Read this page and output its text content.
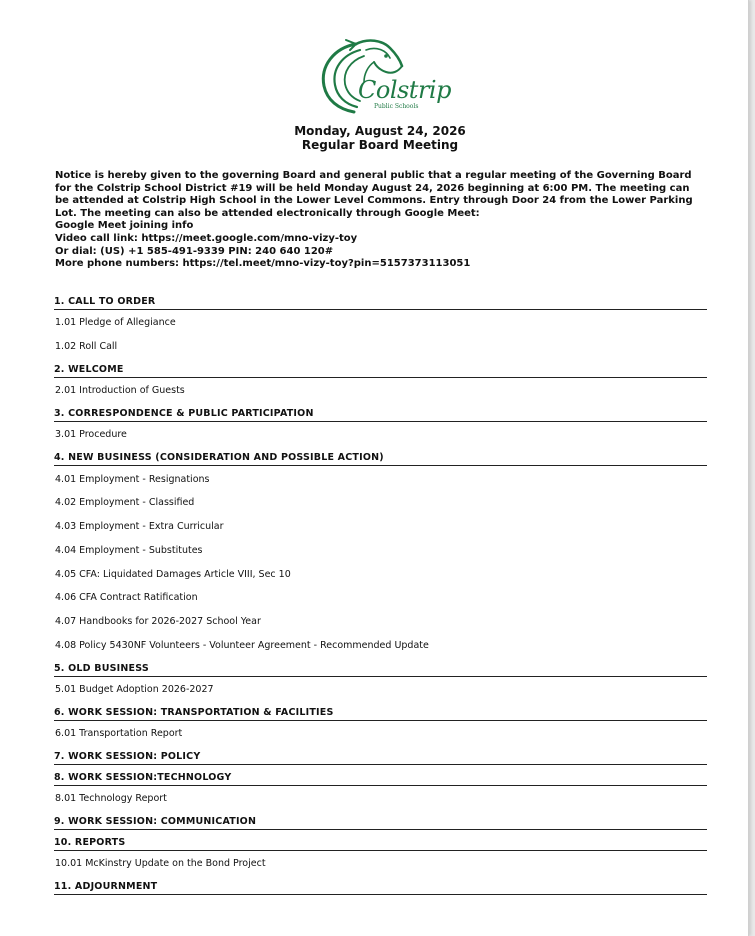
Colstrip
Public Schools
Monday, August 24, 2026
Regular Board Meeting
Notice is hereby given to the governing Board and general public that a regular meeting of the Governing Board
for the Colstrip School District #19 will be held Monday August 24, 2026 beginning at 6:00 PM. The meeting can
be attended at Colstrip High School in the Lower Level Commons. Entry through Door 24 from the Lower Parking
Lot. The meeting can also be attended electronically through Google Meet:
Google Meet joining info
Video call link: https://meet.google.com/mno-vizy-toy
Or dial: (US) +1 585-491-9339 PIN: 240 640 120#
More phone numbers: https://tel.meet/mno-vizy-toy?pin=5157373113051
1. CALL TO ORDER
1.01 Pledge of Allegiance
1.02 Roll Call
2. WELCOME
2.01 Introduction of Guests
3. CORRESPONDENCE & PUBLIC PARTICIPATION
3.01 Procedure
4. NEW BUSINESS (CONSIDERATION AND POSSIBLE ACTION)
4.01 Employment - Resignations
4.02 Employment - Classified
4.03 Employment - Extra Curricular
4.04 Employment - Substitutes
4.05 CFA: Liquidated Damages Article VIII, Sec 10
4.06 CFA Contract Ratification
4.07 Handbooks for 2026-2027 School Year
4.08 Policy 5430NF Volunteers - Volunteer Agreement - Recommended Update
5. OLD BUSINESS
5.01 Budget Adoption 2026-2027
6. WORK SESSION: TRANSPORTATION & FACILITIES
6.01 Transportation Report
7. WORK SESSION: POLICY
8. WORK SESSION:TECHNOLOGY
8.01 Technology Report
9. WORK SESSION: COMMUNICATION
10. REPORTS
10.01 McKinstry Update on the Bond Project
11. ADJOURNMENT
